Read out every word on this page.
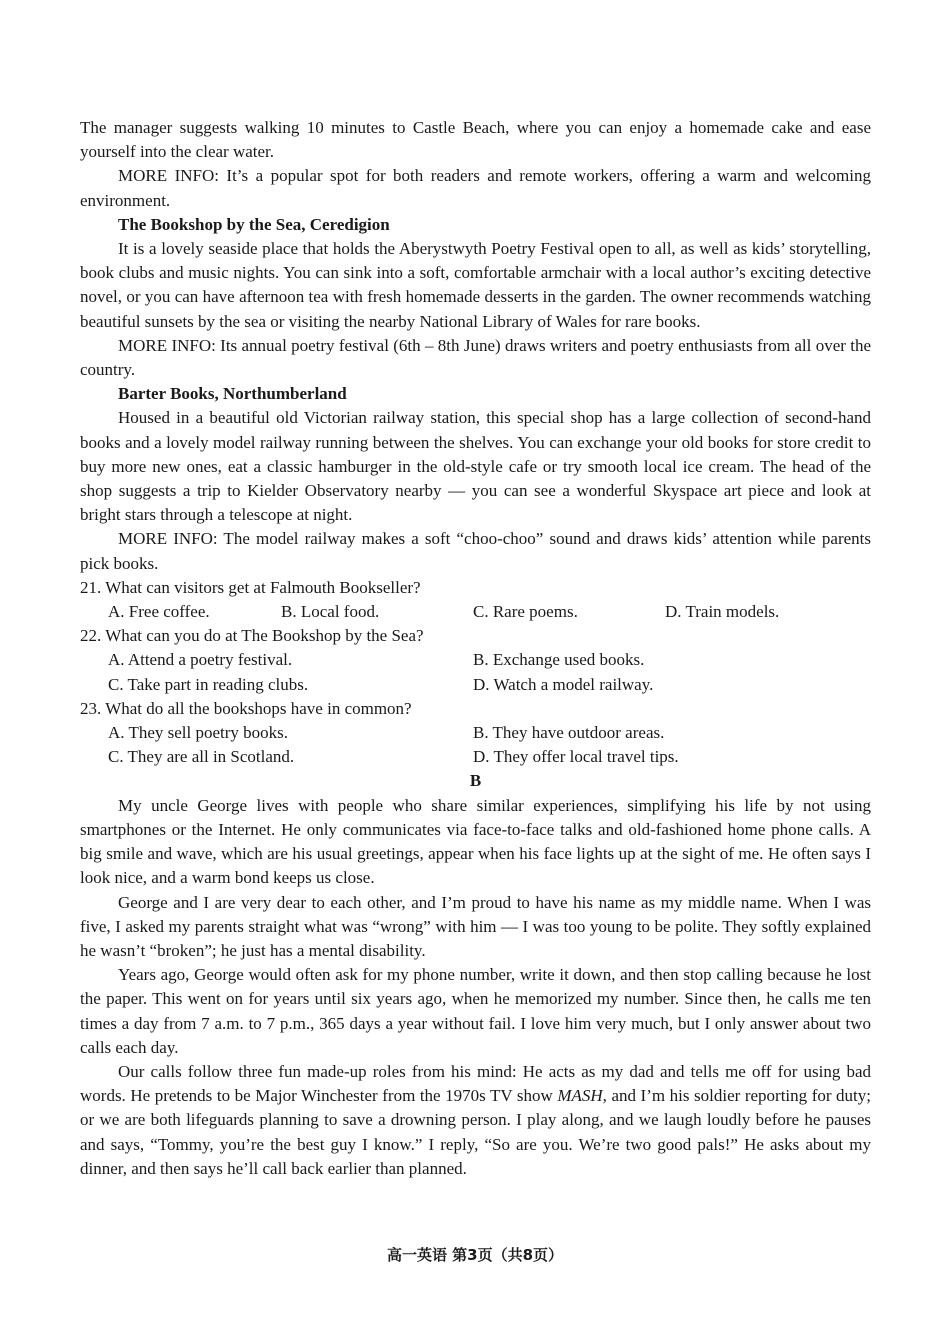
The manager suggests walking 10 minutes to Castle Beach, where you can enjoy a homemade cake and ease yourself into the clear water.

MORE INFO: It’s a popular spot for both readers and remote workers, offering a warm and welcoming environment.

The Bookshop by the Sea, Ceredigion

It is a lovely seaside place that holds the Aberystwyth Poetry Festival open to all, as well as kids’ storytelling, book clubs and music nights. You can sink into a soft, comfortable armchair with a local author’s exciting detective novel, or you can have afternoon tea with fresh homemade desserts in the garden. The owner recommends watching beautiful sunsets by the sea or visiting the nearby National Library of Wales for rare books.

MORE INFO: Its annual poetry festival (6th – 8th June) draws writers and poetry enthusiasts from all over the country.

Barter Books, Northumberland

Housed in a beautiful old Victorian railway station, this special shop has a large collection of second-hand books and a lovely model railway running between the shelves. You can exchange your old books for store credit to buy more new ones, eat a classic hamburger in the old-style cafe or try smooth local ice cream. The head of the shop suggests a trip to Kielder Observatory nearby — you can see a wonderful Skyspace art piece and look at bright stars through a telescope at night.

MORE INFO: The model railway makes a soft “choo-choo” sound and draws kids’ attention while parents pick books.

21. What can visitors get at Falmouth Bookseller?

A. Free coffee.	B. Local food.	C. Rare poems.	D. Train models.

22. What can you do at The Bookshop by the Sea?

A. Attend a poetry festival.	B. Exchange used books.
C. Take part in reading clubs.	D. Watch a model railway.

23. What do all the bookshops have in common?

A. They sell poetry books.	B. They have outdoor areas.
C. They are all in Scotland.	D. They offer local travel tips.

B

My uncle George lives with people who share similar experiences, simplifying his life by not using smartphones or the Internet. He only communicates via face-to-face talks and old-fashioned home phone calls. A big smile and wave, which are his usual greetings, appear when his face lights up at the sight of me. He often says I look nice, and a warm bond keeps us close.

George and I are very dear to each other, and I’m proud to have his name as my middle name. When I was five, I asked my parents straight what was “wrong” with him — I was too young to be polite. They softly explained he wasn’t “broken”; he just has a mental disability.

Years ago, George would often ask for my phone number, write it down, and then stop calling because he lost the paper. This went on for years until six years ago, when he memorized my number. Since then, he calls me ten times a day from 7 a.m. to 7 p.m., 365 days a year without fail. I love him very much, but I only answer about two calls each day.

Our calls follow three fun made-up roles from his mind: He acts as my dad and tells me off for using bad words. He pretends to be Major Winchester from the 1970s TV show MASH, and I’m his soldier reporting for duty; or we are both lifeguards planning to save a drowning person. I play along, and we laugh loudly before he pauses and says, “Tommy, you’re the best guy I know.” I reply, “So are you. We’re two good pals!” He asks about my dinner, and then says he’ll call back earlier than planned.

高一英语 第3页（共8页）
